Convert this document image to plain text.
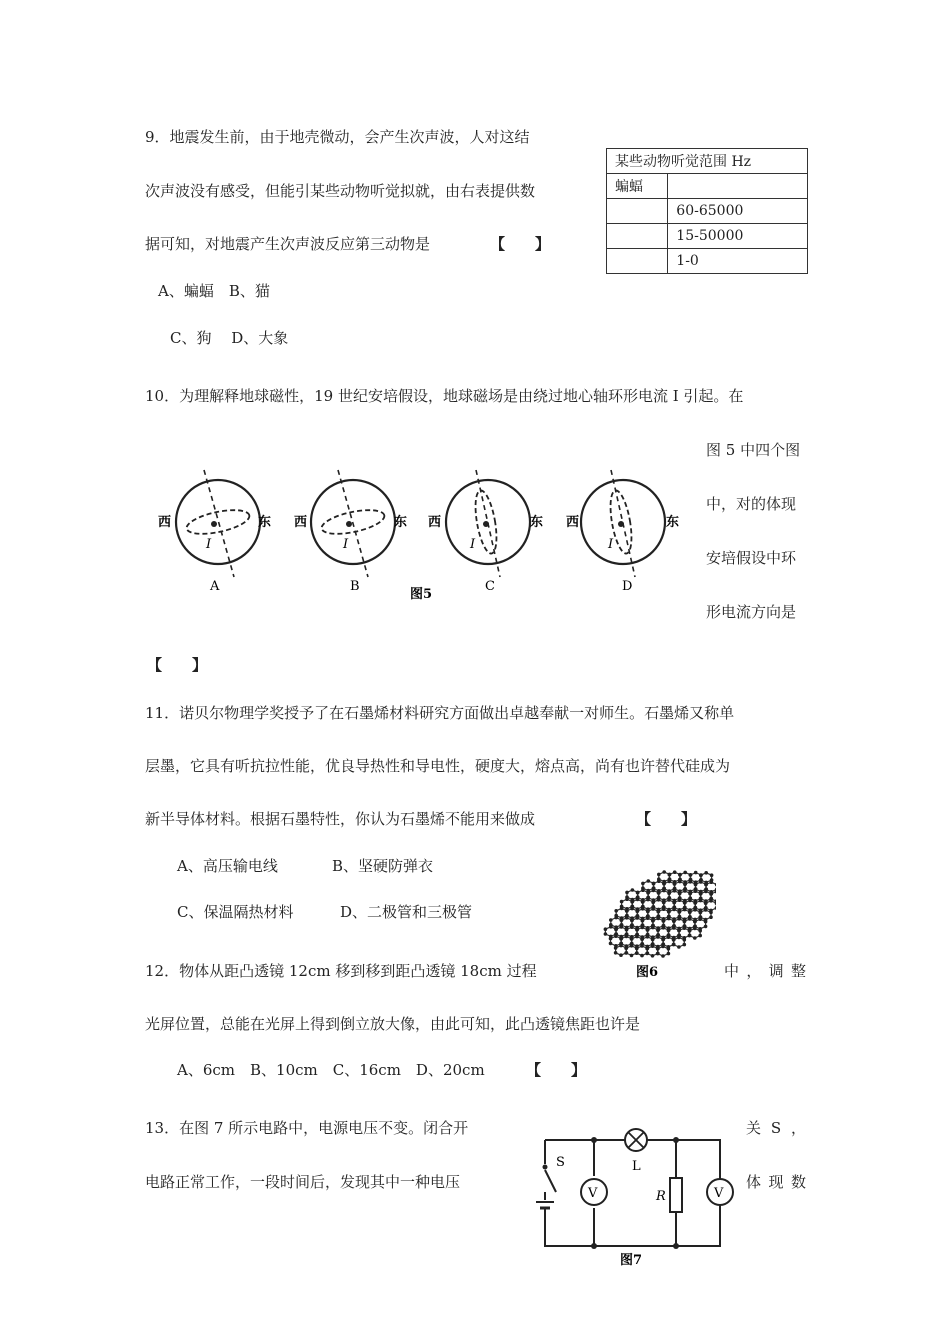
9．地震发生前，由于地壳微动，会产生次声波，人对这结
次声波没有感受，但能引某些动物听觉拟就，由右表提供数
据可知，对地震产生次声波反应第三动物是	【　　】
A、蝙蝠　B、猫
C、狗　 D、大象
某些动物听觉范围 Hz	
蝙蝠	
	60-65000
	15-50000
	1-0
10．为理解释地球磁性，19 世纪安培假设，地球磁场是由绕过地心轴环形电流 I 引起。在
图 5 中四个图
中，对的体现
安培假设中环
形电流方向是
【　　】
I
西	东
A
I
西	东
B
I
西	东
C
I
西	东
D
图5
11．诺贝尔物理学奖授予了在石墨烯材料研究方面做出卓越奉献一对师生。石墨烯又称单
层墨，它具有听抗拉性能，优良导热性和导电性，硬度大，熔点高，尚有也许替代硅成为
新半导体材料。根据石墨特性，你认为石墨烯不能用来做成	【　　】
A、高压输电线	B、坚硬防弹衣
C、保温隔热材料	D、二极管和三极管
图6
12．物体从距凸透镜 12cm 移到移到距凸透镜 18cm 过程	中 ， 调 整
光屏位置，总能在光屏上得到倒立放大像，由此可知，此凸透镜焦距也许是
A、6cm　B、10cm　C、16cm　D、20cm	【　　】
13．在图 7 所示电路中，电源电压不变。闭合开	关 S ，
电路正常工作，一段时间后，发现其中一种电压	体 现 数
V	V
S	L
R
图7
